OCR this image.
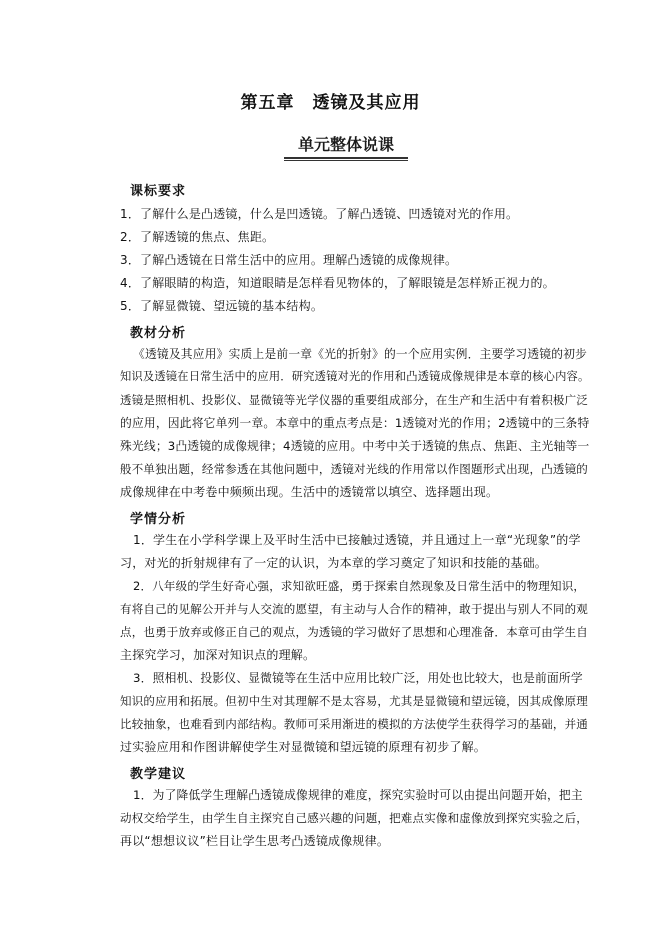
第五章　透镜及其应用
单元整体说课
课标要求
1．了解什么是凸透镜，什么是凹透镜。了解凸透镜、凹透镜对光的作用。
2．了解透镜的焦点、焦距。
3．了解凸透镜在日常生活中的应用。理解凸透镜的成像规律。
4．了解眼睛的构造，知道眼睛是怎样看见物体的，了解眼镜是怎样矫正视力的。
5．了解显微镜、望远镜的基本结构。
教材分析
《透镜及其应用》实质上是前一章《光的折射》的一个应用实例．主要学习透镜的初步
知识及透镜在日常生活中的应用．研究透镜对光的作用和凸透镜成像规律是本章的核心内容。
透镜是照相机、投影仪、显微镜等光学仪器的重要组成部分，在生产和生活中有着积极广泛
的应用，因此将它单列一章。本章中的重点考点是：1透镜对光的作用；2透镜中的三条特
殊光线；3凸透镜的成像规律；4透镜的应用。中考中关于透镜的焦点、焦距、主光轴等一
般不单独出题，经常参透在其他问题中，透镜对光线的作用常以作图题形式出现，凸透镜的
成像规律在中考卷中频频出现。生活中的透镜常以填空、选择题出现。
学情分析
1．学生在小学科学课上及平时生活中已接触过透镜，并且通过上一章“光现象”的学
习，对光的折射规律有了一定的认识，为本章的学习奠定了知识和技能的基础。
2．八年级的学生好奇心强，求知欲旺盛，勇于探索自然现象及日常生活中的物理知识，
有将自己的见解公开并与人交流的愿望，有主动与人合作的精神，敢于提出与别人不同的观
点，也勇于放弃或修正自己的观点，为透镜的学习做好了思想和心理准备．本章可由学生自
主探究学习，加深对知识点的理解。
3．照相机、投影仪、显微镜等在生活中应用比较广泛，用处也比较大，也是前面所学
知识的应用和拓展。但初中生对其理解不是太容易，尤其是显微镜和望远镜，因其成像原理
比较抽象，也难看到内部结构。教师可采用渐进的模拟的方法使学生获得学习的基础，并通
过实验应用和作图讲解使学生对显微镜和望远镜的原理有初步了解。
教学建议
1．为了降低学生理解凸透镜成像规律的难度，探究实验时可以由提出问题开始，把主
动权交给学生，由学生自主探究自己感兴趣的问题，把难点实像和虚像放到探究实验之后，
再以“想想议议”栏目让学生思考凸透镜成像规律。
